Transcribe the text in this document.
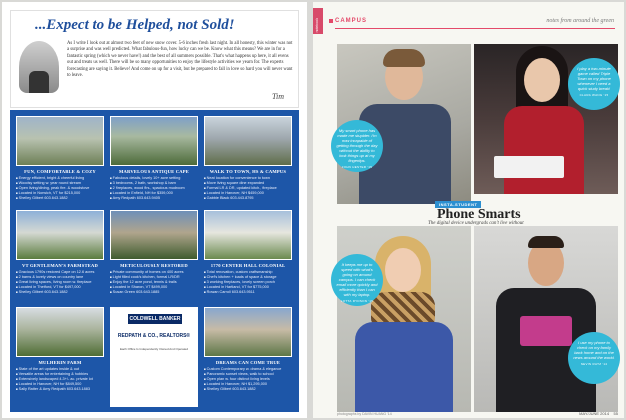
...Expect to be Helped, not Sold!
As I write I look out at almost two feet of new snow cover. 5-6 inches fresh last night. In all honesty, this winter was not a surprise and was well predicted. What fabulous-fun, how lucky can we be. Know what this means? We are in for a fantastic spring (which we never have!) and the best of all summers possible. That's what happens up here, it all evens out and treats us well. There will be so many opportunities to enjoy the lifestyle activities we yearn for. The experts forecasting are saying it. Believe! And come on up for a visit, but be prepared to fall in love so hard you will never want to leave.
Tim
FUN, COMFORTABLE & COZY
■ Energy efficient, bright & cheerful living
■ Woodsy setting w. year round stream
■ Open living/dining, peak fire. & woodstove
■ Located in Norwich, VT for $215,000
■ Shelley Gilbert 603.643.1882
MARVELOUS ANTIQUE CAPE
■ Fabulous details, lovely 10+ acre setting
■ 3 bedrooms, 2 bath, workshop & barn
■ 2 fireplaces, wood flrs., spacious mudroom
■ Located in Enfield, NH for $359,000
■ Amy Redpath 603.643.9405
WALK TO TOWN, HS & CAMPUS
■ Neat location for convenience to town
■ Move living square dine expanded
■ Formal LR & DR, updated kitch., fireplace
■ Located in Hanover, NH $459,000
■ Gabbie Black 603.443.8795
VT GENTLEMAN'S FARMSTEAD
■ Gracious 1790s restored Cape on 12.6 acres
■ 2 barns & lovely views on country lane
■ Great living spaces, living room w. fireplace
■ Located in Thetford, VT for $497,000
■ Shelley Gilbert 603.643.1882
METICULOUSLY RESTORED
■ Private community of homes on 400 acres
■ Light filled cook's kitchen, formal LR/DR
■ Enjoy the 12 acre pond, tennis & trails
■ Located in Sharon, VT $499,000
■ Susan Green 603.643.1885
1770 CENTER HALL COLONIAL
■ Total renovation, custom craftsmanship
■ Chef's kitchen + loads of space & storage
■ 3 working fireplaces, lovely screen porch
■ Located in Hartland, VT for $775,000
■ Rowan Carroll 603.643.9511
MULHERIN FARM
■ State of the art updates inside & out
■ Versatile areas for entertaining & hobbies
■ Extensively landscaped 4.3+/- ac. private lot
■ Located in Hanover, NH for $849,500
■ Sally Ratter & Amy Redpath 603.643.1883
COLDWELL BANKER
REDPATH & CO., REALTORS®
Each Office Is Independently Owned And Operated
Hanover • Quechee
603.643.6406 802.295.1160
www.cbredpath.com
DREAMS CAN COME TRUE
■ Custom Contemporary w. drama & elegance
■ Panoramic sunset views, walk to school
■ Open plan w. four distinct living levels
■ Located in Hanover, NH $1,295,000
■ Shelley Gilbert 603.643.1882
notebook	CAMPUS	notes from around the green
My smart phone has made me stupider. I'm now incapable of getting through the day without the ability to look things up at my fingertips.
JOHN HESTER '15
I play a two-minute game called Triple Town on my phone whenever I need a quick study break!
CLARA WANG '15
It keeps me up to speed with what's going on around campus. I can check email more quickly and efficiently than I can with my laptop.
LOTTA RYDSON '15
I use my phone to check on my family back home and on the news around the world.
NEVIN RATZ '14
INSTA-STUDENT
Phone Smarts
The digital device undergrads can't live without
photographs by DAVIN HUANG '14	MAY/JUNE 2014 55
